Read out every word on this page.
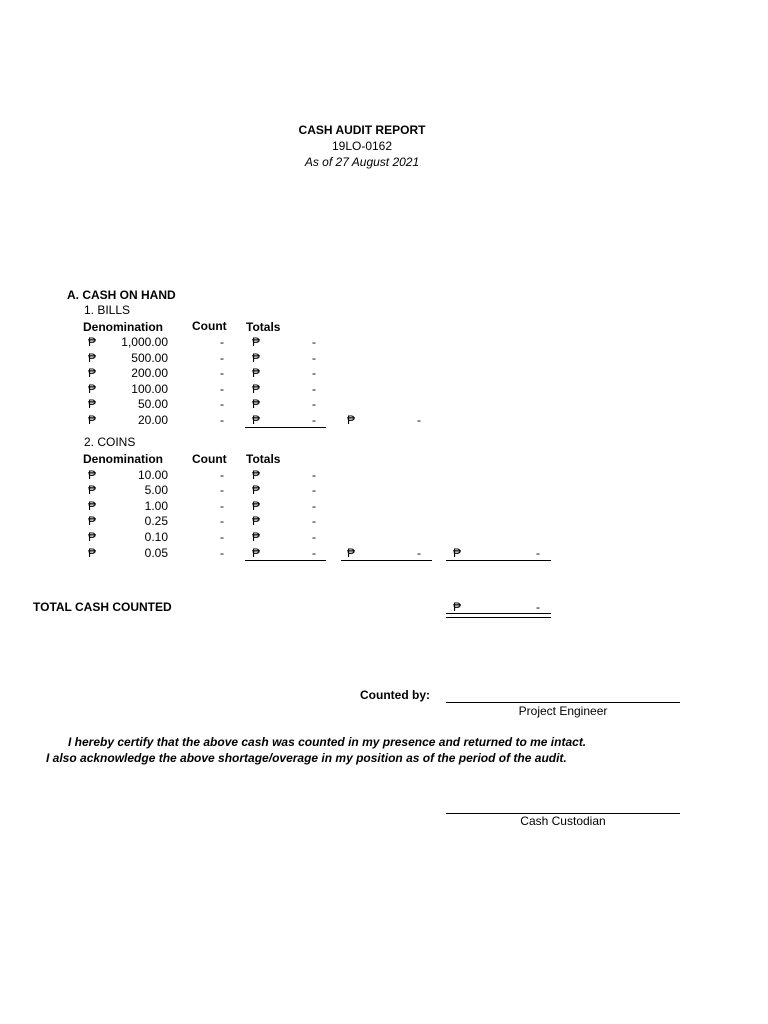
CASH AUDIT REPORT
19LO-0162
As of 27 August 2021
A. CASH ON HAND
1. BILLS
Denomination Count Totals
₱	1,000.00	- ₱	-
₱	500.00	- ₱	-
₱	200.00	- ₱	-
₱	100.00	- ₱	-
₱	50.00	- ₱	-
₱	20.00	- ₱	-	₱	-
2. COINS
Denomination Count Totals
₱	10.00	- ₱	-
₱	5.00	- ₱	-
₱	1.00	- ₱	-
₱	0.25	- ₱	-
₱	0.10	- ₱	-
₱	0.05	- ₱	-	₱	-	₱	-
TOTAL CASH COUNTED	₱	-
Counted by:
Project Engineer
I hereby certify that the above cash was counted in my presence and returned to me intact.
I also acknowledge the above shortage/overage in my position as of the period of the audit.
Cash Custodian
